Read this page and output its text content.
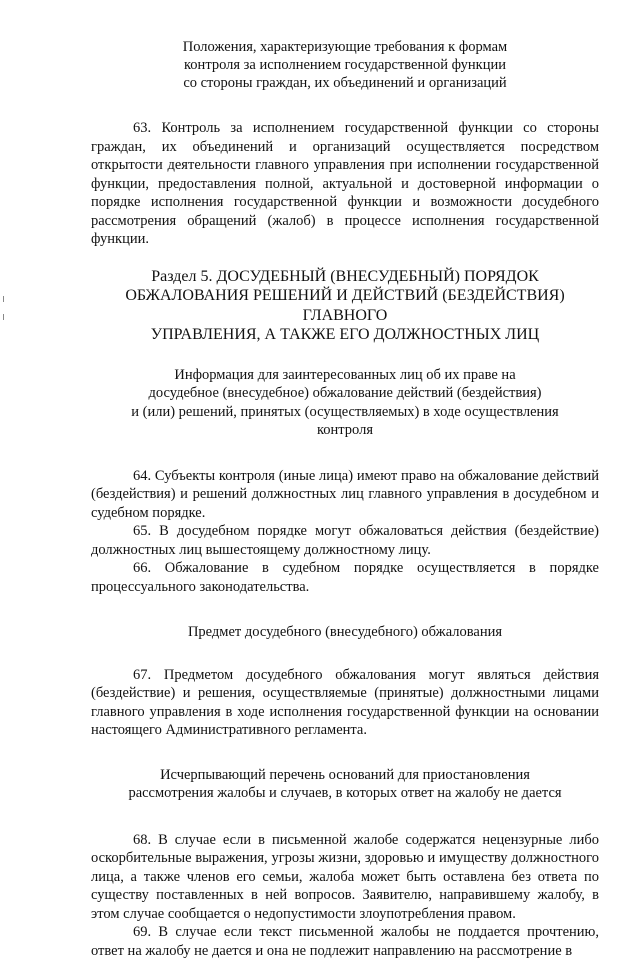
Положения, характеризующие требования к формам
контроля за исполнением государственной функции
со стороны граждан, их объединений и организаций

63. Контроль за исполнением государственной функции со стороны граждан, их объединений и организаций осуществляется посредством открытости деятельности главного управления при исполнении государственной функции, предоставления полной, актуальной и достоверной информации о порядке исполнения государственной функции и возможности досудебного рассмотрения обращений (жалоб) в процессе исполнения государственной функции.

Раздел 5. ДОСУДЕБНЫЙ (ВНЕСУДЕБНЫЙ) ПОРЯДОК
ОБЖАЛОВАНИЯ РЕШЕНИЙ И ДЕЙСТВИЙ (БЕЗДЕЙСТВИЯ) ГЛАВНОГО
УПРАВЛЕНИЯ, А ТАКЖЕ ЕГО ДОЛЖНОСТНЫХ ЛИЦ
Информация для заинтересованных лиц об их праве на
досудебное (внесудебное) обжалование действий (бездействия)
и (или) решений, принятых (осуществляемых) в ходе осуществления
контроля

64. Субъекты контроля (иные лица) имеют право на обжалование действий (бездействия) и решений должностных лиц главного управления в досудебном и судебном порядке.

65. В досудебном порядке могут обжаловаться действия (бездействие) должностных лиц вышестоящему должностному лицу.

66. Обжалование в судебном порядке осуществляется в порядке процессуального законодательства.

Предмет досудебного (внесудебного) обжалования

67. Предметом досудебного обжалования могут являться действия (бездействие) и решения, осуществляемые (принятые) должностными лицами главного управления в ходе исполнения государственной функции на основании настоящего Административного регламента.

Исчерпывающий перечень оснований для приостановления
рассмотрения жалобы и случаев, в которых ответ на жалобу не дается

68. В случае если в письменной жалобе содержатся нецензурные либо оскорбительные выражения, угрозы жизни, здоровью и имуществу должностного лица, а также членов его семьи, жалоба может быть оставлена без ответа по существу поставленных в ней вопросов. Заявителю, направившему жалобу, в этом случае сообщается о недопустимости злоупотребления правом.

69. В случае если текст письменной жалобы не поддается прочтению, ответ на жалобу не дается и она не подлежит направлению на рассмотрение в
